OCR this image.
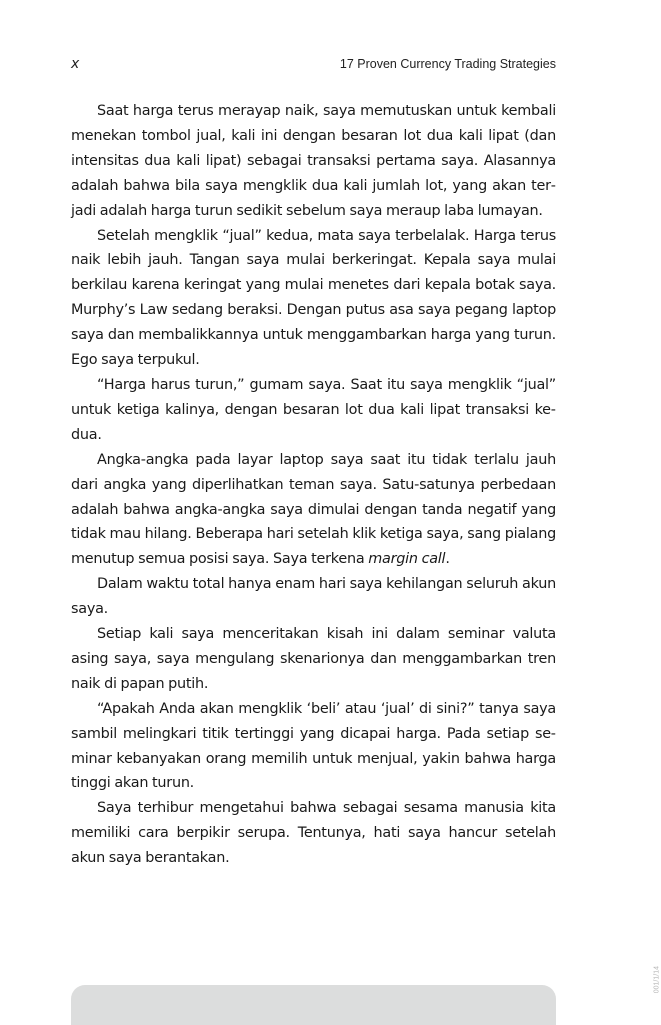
x	17 Proven Currency Trading Strategies

Saat harga terus merayap naik, saya memutuskan untuk kembali menekan tombol jual, kali ini dengan besaran lot dua kali lipat (dan intensitas dua kali lipat) sebagai transaksi pertama saya. Alasannya adalah bahwa bila saya mengklik dua kali jumlah lot, yang akan terjadi adalah harga turun sedikit sebelum saya meraup laba lumayan.

Setelah mengklik “jual” kedua, mata saya terbelalak. Harga terus naik lebih jauh. Tangan saya mulai berkeringat. Kepala saya mulai berkilau karena keringat yang mulai menetes dari kepala botak saya. Murphy’s Law sedang beraksi. Dengan putus asa saya pegang laptop saya dan membalikkannya untuk menggambarkan harga yang turun. Ego saya terpukul.

“Harga harus turun,” gumam saya. Saat itu saya mengklik “jual” untuk ketiga kalinya, dengan besaran lot dua kali lipat transaksi kedua.

Angka-angka pada layar laptop saya saat itu tidak terlalu jauh dari angka yang diperlihatkan teman saya. Satu-satunya perbedaan adalah bahwa angka-angka saya dimulai dengan tanda negatif yang tidak mau hilang. Beberapa hari setelah klik ketiga saya, sang pialang menutup semua posisi saya. Saya terkena margin call.

Dalam waktu total hanya enam hari saya kehilangan seluruh akun saya.

Setiap kali saya menceritakan kisah ini dalam seminar valuta asing saya, saya mengulang skenarionya dan menggambarkan tren naik di papan putih.

“Apakah Anda akan mengklik ‘beli’ atau ‘jual’ di sini?” tanya saya sambil melingkari titik tertinggi yang dicapai harga. Pada setiap seminar kebanyakan orang memilih untuk menjual, yakin bahwa harga tinggi akan turun.

Saya terhibur mengetahui bahwa sebagai sesama manusia kita memiliki cara berpikir serupa. Tentunya, hati saya hancur setelah akun saya berantakan.

001/1/14
